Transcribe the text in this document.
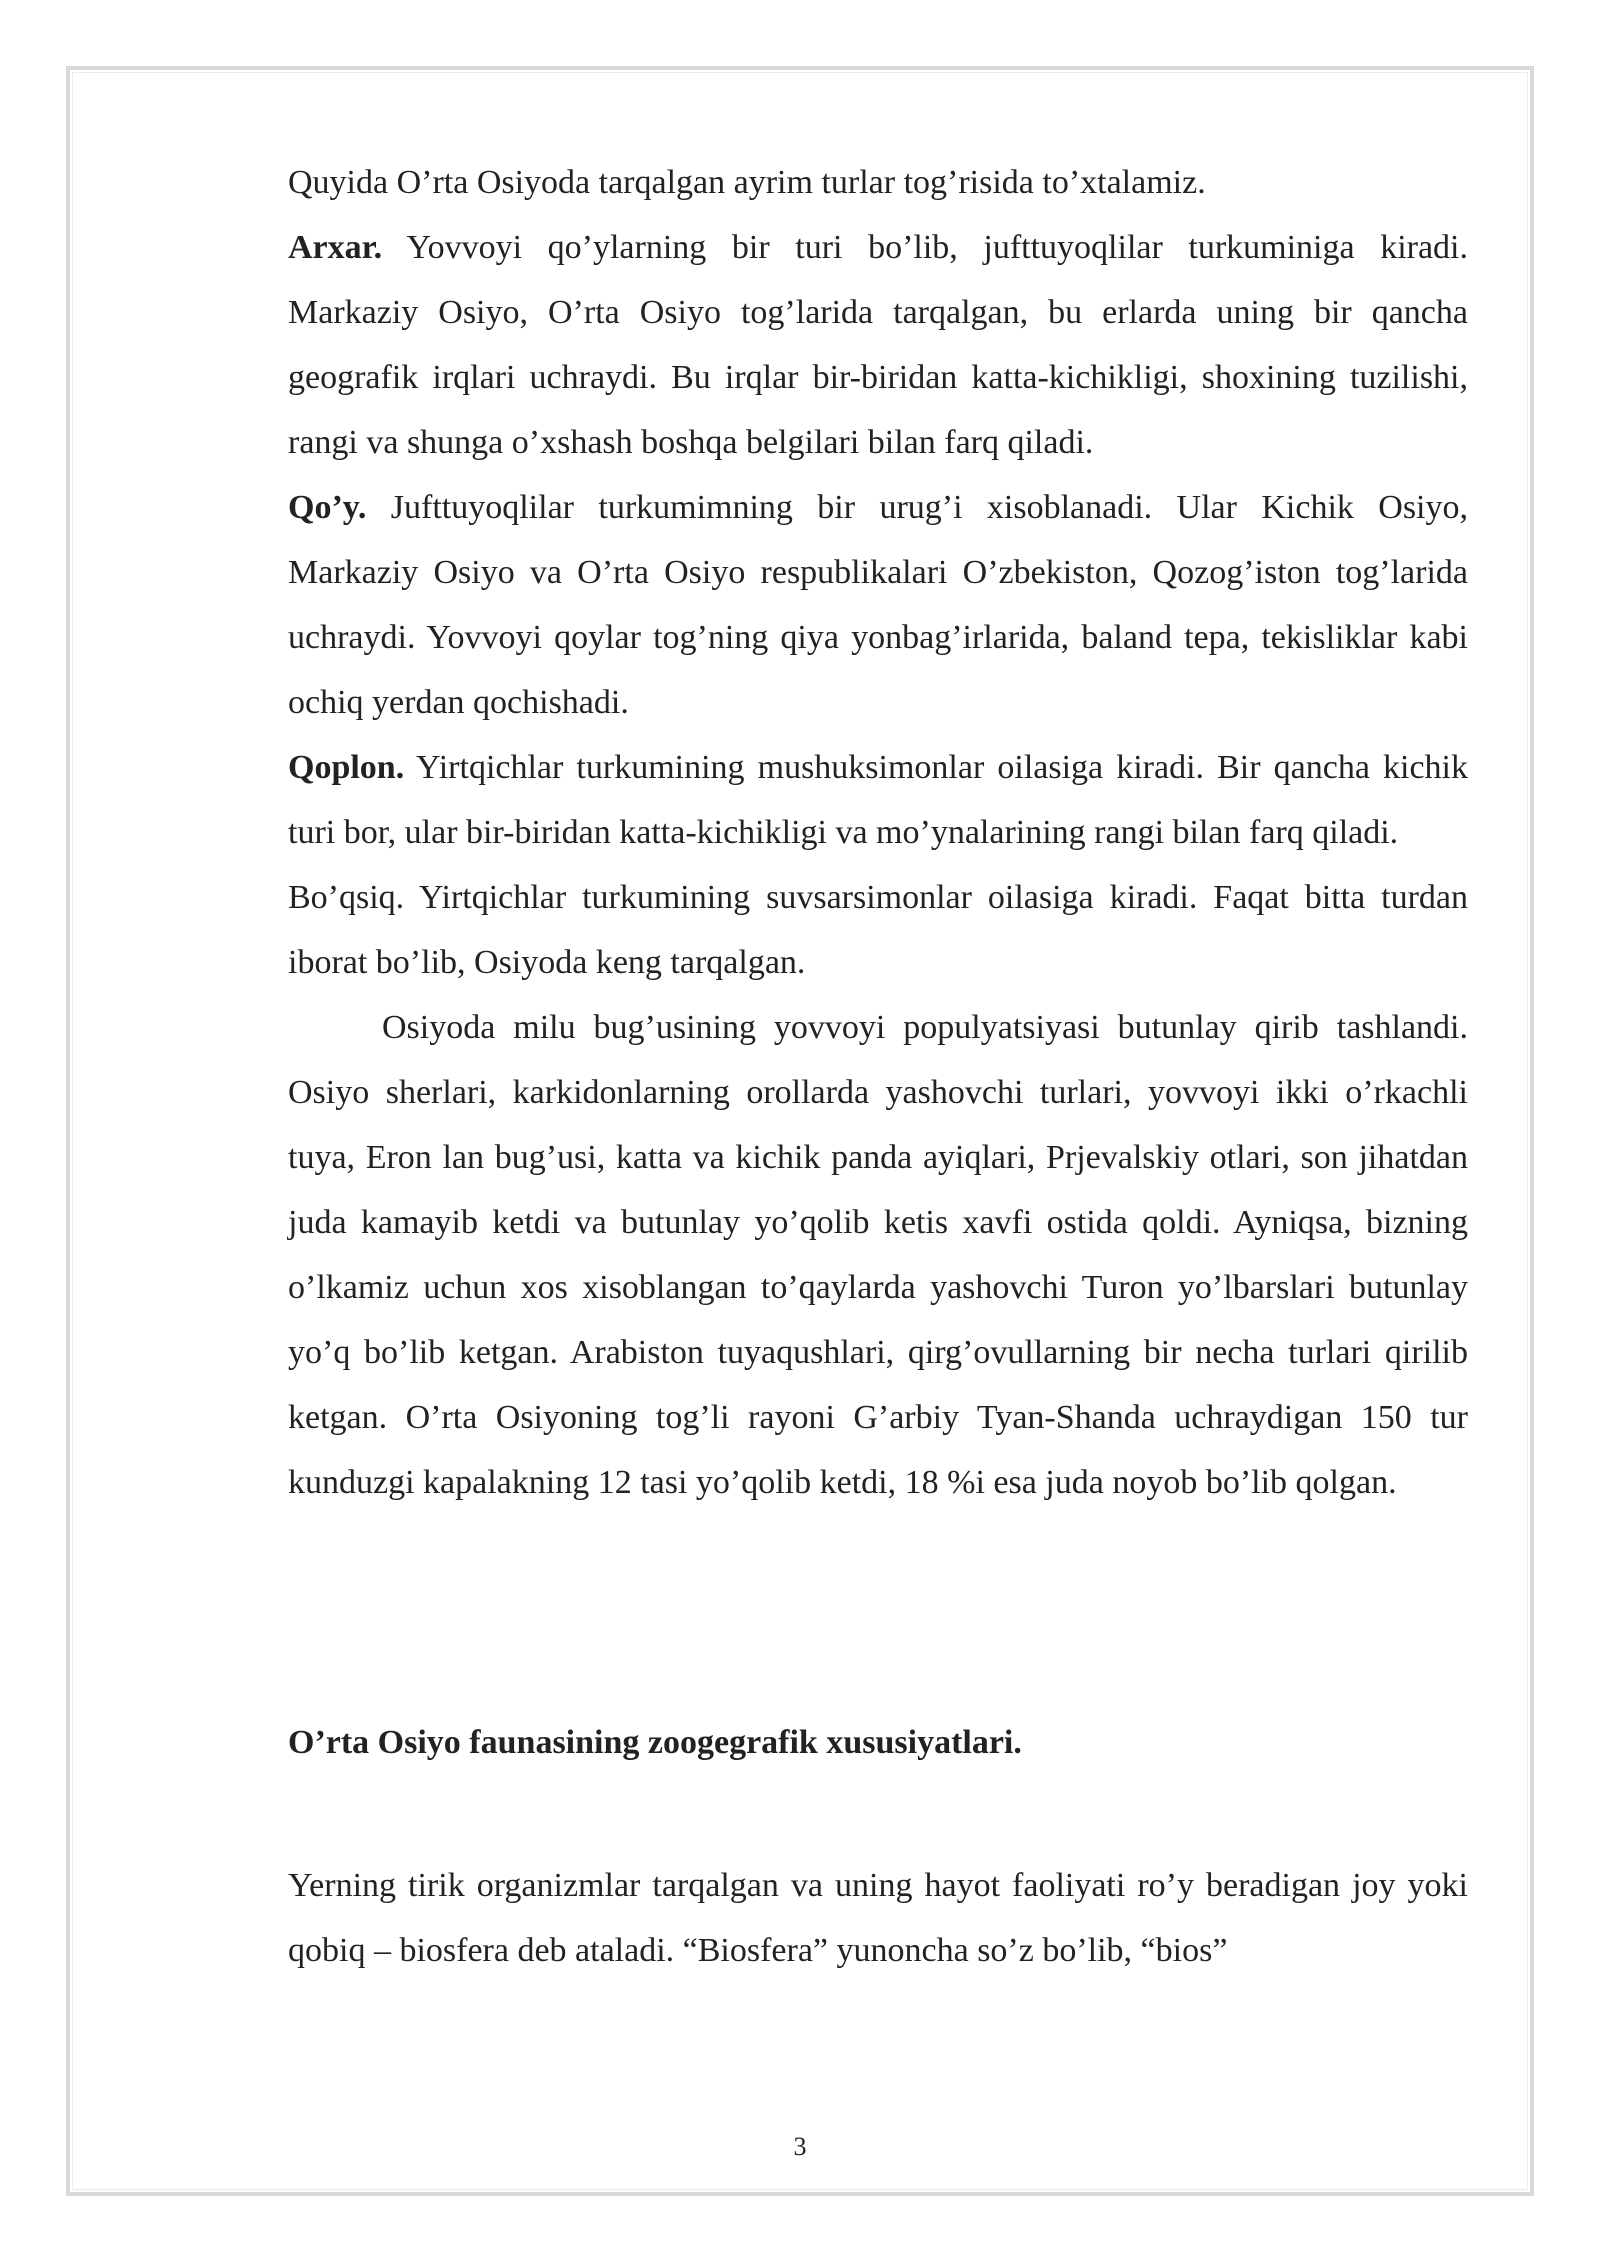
Quyida O’rta Osiyoda tarqalgan ayrim turlar tog’risida to’xtalamiz.

Arxar. Yovvoyi qo’ylarning bir turi bo’lib, jufttuyoqlilar turkuminiga kiradi. Markaziy Osiyo, O’rta Osiyo tog’larida tarqalgan, bu erlarda uning bir qancha geografik irqlari uchraydi. Bu irqlar bir-biridan katta-kichikligi, shoxining tuzilishi, rangi va shunga o’xshash boshqa belgilari bilan farq qiladi.

Qo’y. Jufttuyoqlilar turkumimning bir urug’i xisoblanadi. Ular Kichik Osiyo, Markaziy Osiyo va O’rta Osiyo respublikalari O’zbekiston, Qozog’iston tog’larida uchraydi. Yovvoyi qoylar tog’ning qiya yonbag’irlarida, baland tepa, tekisliklar kabi ochiq yerdan qochishadi.

Qoplon. Yirtqichlar turkumining mushuksimonlar oilasiga kiradi. Bir qancha kichik turi bor, ular bir-biridan katta-kichikligi va mo’ynalarining rangi bilan farq qiladi.

Bo’qsiq. Yirtqichlar turkumining suvsarsimonlar oilasiga kiradi. Faqat bitta turdan iborat bo’lib, Osiyoda keng tarqalgan.

Osiyoda milu bug’usining yovvoyi populyatsiyasi butunlay qirib tashlandi. Osiyo sherlari, karkidonlarning orollarda yashovchi turlari, yovvoyi ikki o’rkachli tuya, Eron lan bug’usi, katta va kichik panda ayiqlari, Prjevalskiy otlari, son jihatdan juda kamayib ketdi va butunlay yo’qolib ketis xavfi ostida qoldi. Ayniqsa, bizning o’lkamiz uchun xos xisoblangan to’qaylarda yashovchi Turon yo’lbarslari butunlay yo’q bo’lib ketgan. Arabiston tuyaqushlari, qirg’ovullarning bir necha turlari qirilib ketgan. O’rta Osiyoning tog’li rayoni G’arbiy Tyan-Shanda uchraydigan 150 tur kunduzgi kapalakning 12 tasi yo’qolib ketdi, 18 %i esa juda noyob bo’lib qolgan.

O’rta Osiyo faunasining zoogegrafik xususiyatlari.

Yerning tirik organizmlar tarqalgan va uning hayot faoliyati ro’y beradigan joy yoki qobiq – biosfera deb ataladi. “Biosfera” yunoncha so’z bo’lib, “bios”

3
